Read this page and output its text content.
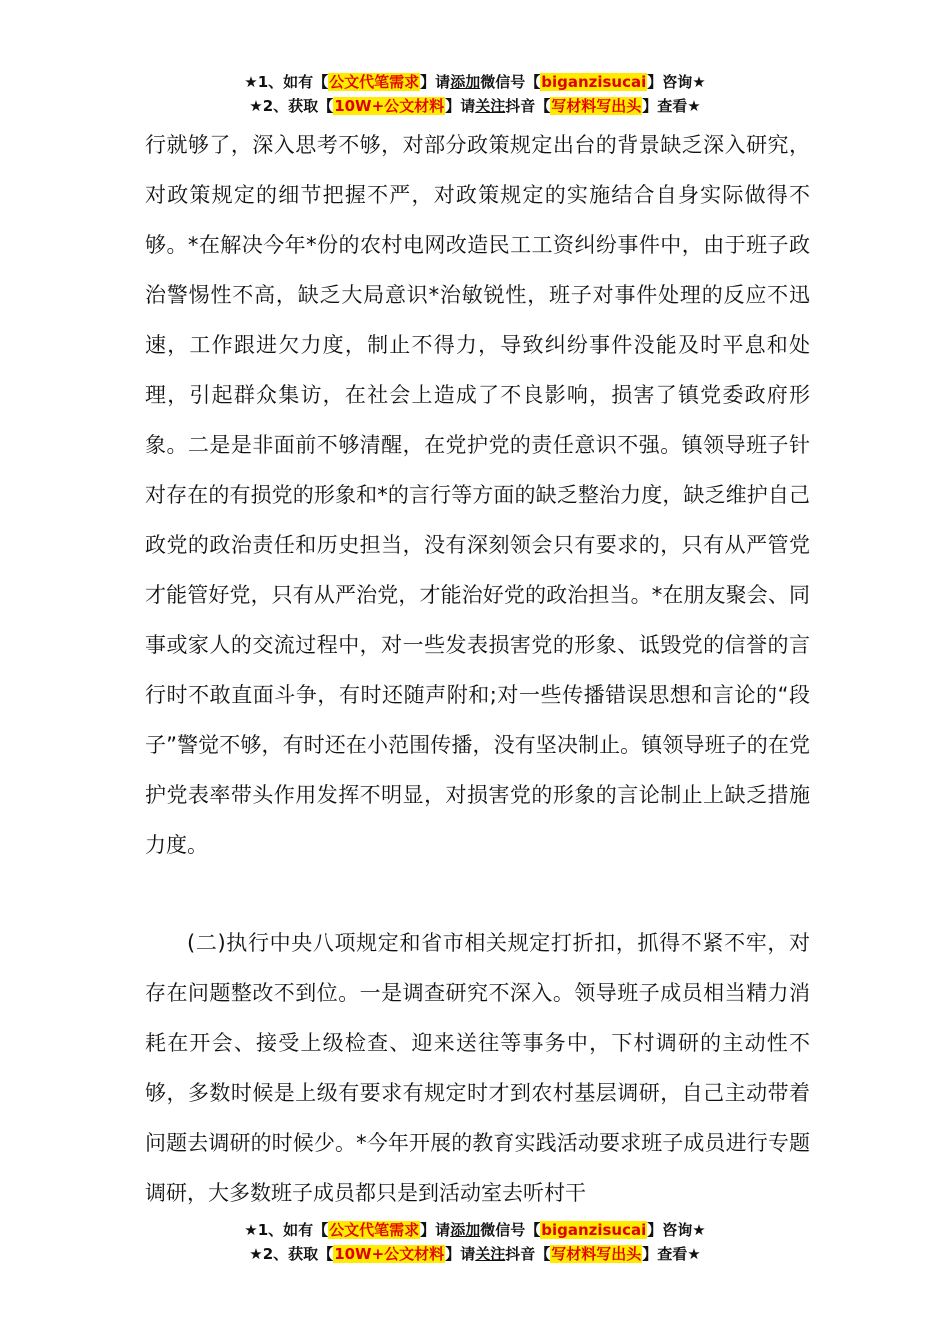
★1、如有【公文代笔需求】请添加微信号【biganzisucai】咨询★
★2、获取【10W+公文材料】请关注抖音【写材料写出头】查看★

行就够了，深入思考不够，对部分政策规定出台的背景缺乏深入研究，对政策规定的细节把握不严，对政策规定的实施结合自身实际做得不够。*在解决今年*份的农村电网改造民工工资纠纷事件中，由于班子政治警惕性不高，缺乏大局意识*治敏锐性，班子对事件处理的反应不迅速，工作跟进欠力度，制止不得力，导致纠纷事件没能及时平息和处理，引起群众集访，在社会上造成了不良影响，损害了镇党委政府形象。二是是非面前不够清醒，在党护党的责任意识不强。镇领导班子针对存在的有损党的形象和*的言行等方面的缺乏整治力度，缺乏维护自己政党的政治责任和历史担当，没有深刻领会只有要求的，只有从严管党才能管好党，只有从严治党，才能治好党的政治担当。*在朋友聚会、同事或家人的交流过程中，对一些发表损害党的形象、诋毁党的信誉的言行时不敢直面斗争，有时还随声附和;对一些传播错误思想和言论的“段子”警觉不够，有时还在小范围传播，没有坚决制止。镇领导班子的在党护党表率带头作用发挥不明显，对损害党的形象的言论制止上缺乏措施力度。

(二)执行中央八项规定和省市相关规定打折扣，抓得不紧不牢，对存在问题整改不到位。一是调查研究不深入。领导班子成员相当精力消耗在开会、接受上级检查、迎来送往等事务中，下村调研的主动性不够，多数时候是上级有要求有规定时才到农村基层调研，自己主动带着问题去调研的时候少。*今年开展的教育实践活动要求班子成员进行专题调研，大多数班子成员都只是到活动室去听村干

★1、如有【公文代笔需求】请添加微信号【biganzisucai】咨询★
★2、获取【10W+公文材料】请关注抖音【写材料写出头】查看★
